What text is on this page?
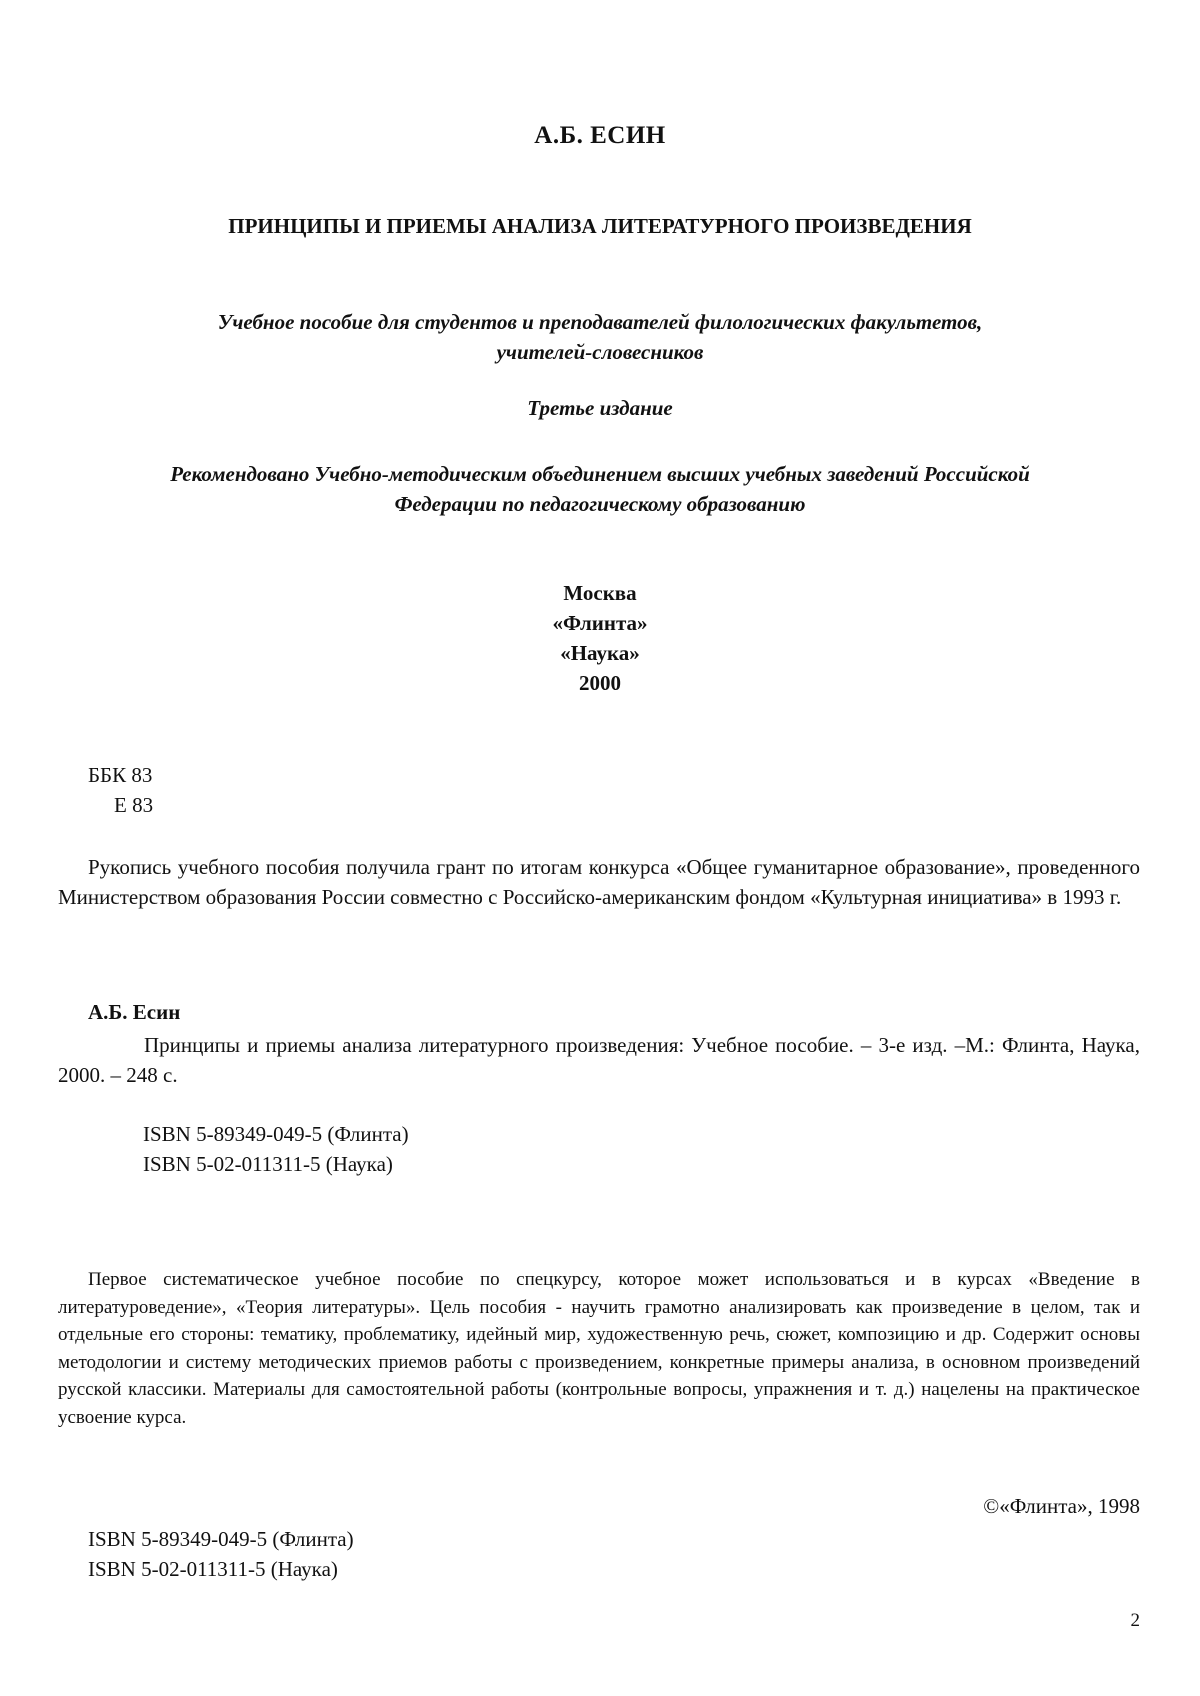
А.Б. ЕСИН
ПРИНЦИПЫ И ПРИЕМЫ АНАЛИЗА ЛИТЕРАТУРНОГО ПРОИЗВЕДЕНИЯ
Учебное пособие для студентов и преподавателей филологических факультетов,
учителей-словесников
Третье издание
Рекомендовано Учебно-методическим объединением высших учебных заведений Российской
Федерации по педагогическому образованию
Москва
«Флинта»
«Наука»
2000
ББК 83
Е 83

Рукопись учебного пособия получила грант по итогам конкурса «Общее гуманитарное образование», проведенного Министерством образования России совместно с Российско-американским фондом «Культурная инициатива» в 1993 г.

А.Б. Есин

Принципы и приемы анализа литературного произведения: Учебное пособие. – 3-е изд. –М.: Флинта, Наука, 2000. – 248 с.

ISBN 5-89349-049-5 (Флинта)
ISBN 5-02-011311-5 (Наука)

Первое систематическое учебное пособие по спецкурсу, которое может использоваться и в курсах «Введение в литературоведение», «Теория литературы». Цель пособия - научить грамотно анализировать как произведение в целом, так и отдельные его стороны: тематику, проблематику, идейный мир, художественную речь, сюжет, композицию и др. Содержит основы методологии и систему методических приемов работы с произведением, конкретные примеры анализа, в основном произведений русской классики. Материалы для самостоятельной работы (контрольные вопросы, упражнения и т. д.) нацелены на практическое усвоение курса.

©«Флинта», 1998
ISBN 5-89349-049-5 (Флинта)
ISBN 5-02-011311-5 (Наука)
2
